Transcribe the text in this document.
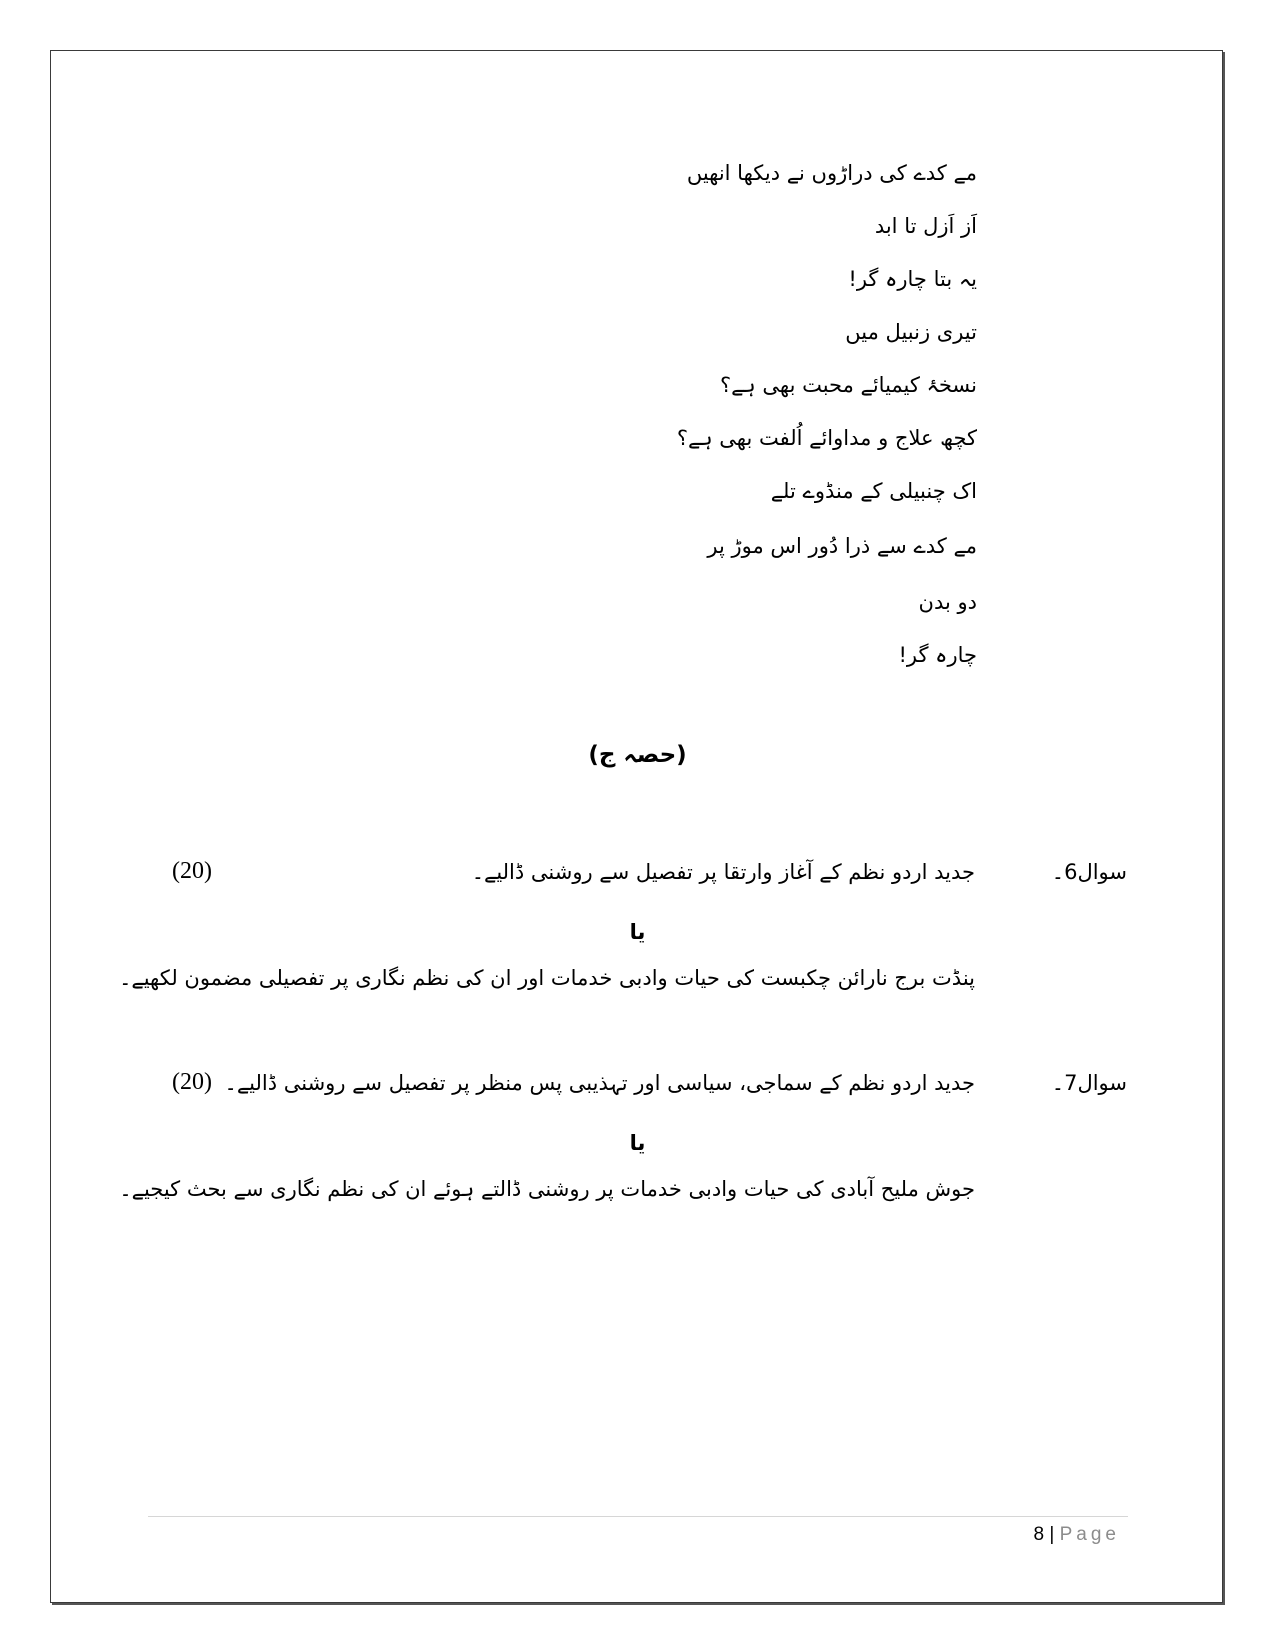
مے کدے کی دراڑوں نے دیکھا انھیں
اَز اَزل تا ابد
یہ بتا چارہ گر!
تیری زنبیل میں
نسخۂ کیمیائے محبت بھی ہے؟
کچھ علاج و مداوائے اُلفت بھی ہے؟
اک چنبیلی کے منڈوے تلے
مے کدے سے ذرا دُور اس موڑ پر
دو بدن
چارہ گر!
(حصہ ج)
سوال6۔
جدید اردو نظم کے آغاز وارتقا پر تفصیل سے روشنی ڈالیے۔
(20)
یا
پنڈت برج نارائن چکبست کی حیات وادبی خدمات اور ان کی نظم نگاری پر تفصیلی مضمون لکھیے۔
سوال7۔
جدید اردو نظم کے سماجی، سیاسی اور تہذیبی پس منظر پر تفصیل سے روشنی ڈالیے۔
(20)
یا
جوش ملیح آبادی کی حیات وادبی خدمات پر روشنی ڈالتے ہوئے ان کی نظم نگاری سے بحث کیجیے۔
8 | Page
